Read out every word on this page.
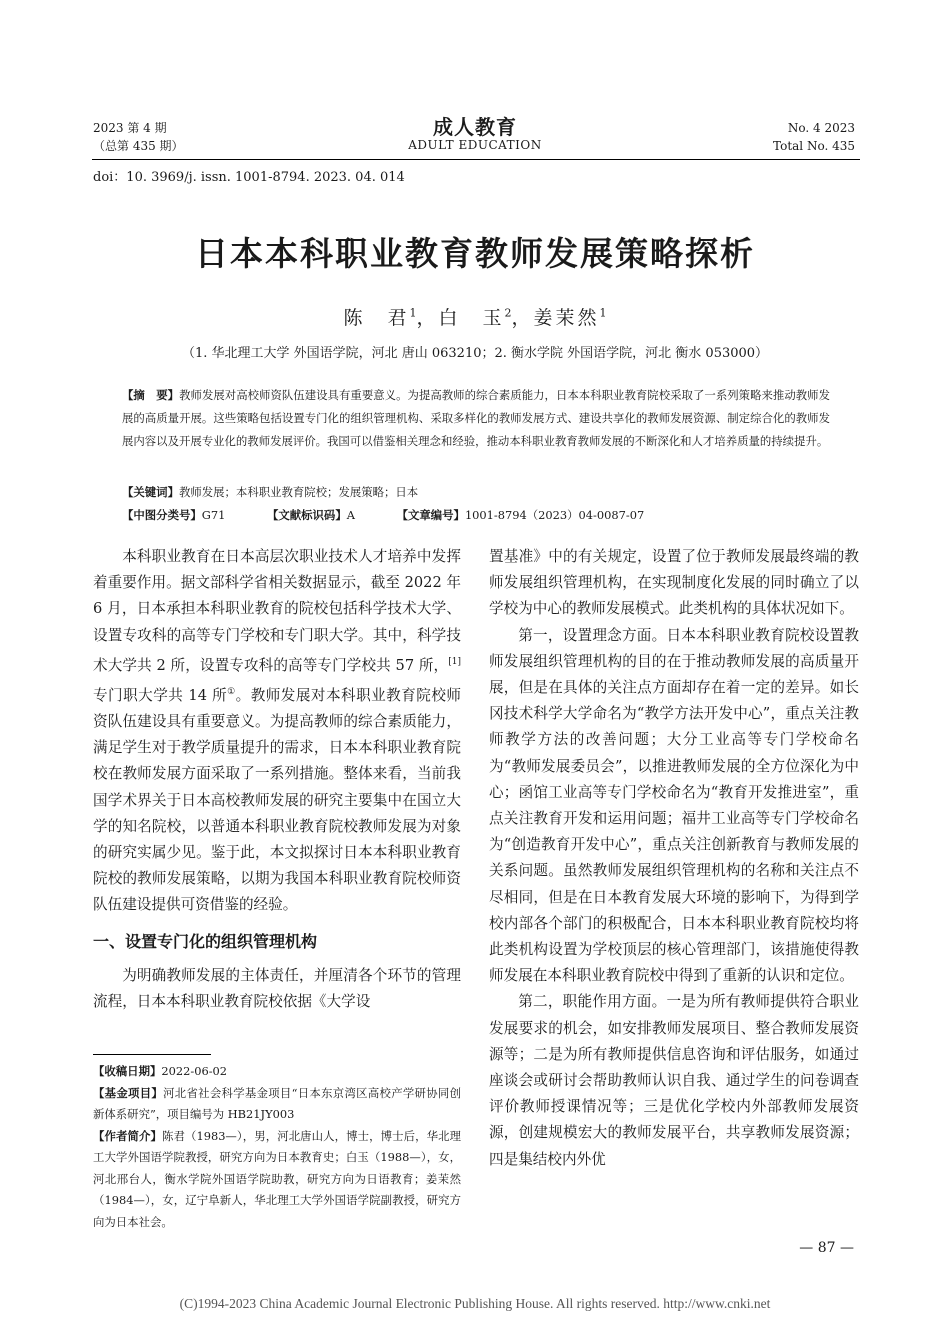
2023 第 4 期
（总第 435 期）
成人教育
ADULT EDUCATION
No. 4 2023
Total No. 435
doi：10. 3969/j. issn. 1001-8794. 2023. 04. 014
日本本科职业教育教师发展策略探析
陈　君$^1$，白　玉$^2$，姜茉然$^1$
（1. 华北理工大学 外国语学院，河北 唐山 063210；2. 衡水学院 外国语学院，河北 衡水 053000）
【摘　要】教师发展对高校师资队伍建设具有重要意义。为提高教师的综合素质能力，日本本科职业教育院校采取了一系列策略来推动教师发展的高质量开展。这些策略包括设置专门化的组织管理机构、采取多样化的教师发展方式、建设共享化的教师发展资源、制定综合化的教师发展内容以及开展专业化的教师发展评价。我国可以借鉴相关理念和经验，推动本科职业教育教师发展的不断深化和人才培养质量的持续提升。
【关键词】教师发展；本科职业教育院校；发展策略；日本
【中图分类号】G71	【文献标识码】A	【文章编号】1001-8794（2023）04-0087-07

本科职业教育在日本高层次职业技术人才培养中发挥着重要作用。据文部科学省相关数据显示，截至 2022 年 6 月，日本承担本科职业教育的院校包括科学技术大学、设置专攻科的高等专门学校和专门职大学。其中，科学技术大学共 2 所，设置专攻科的高等专门学校共 57 所，[1] 专门职大学共 14 所①。教师发展对本科职业教育院校师资队伍建设具有重要意义。为提高教师的综合素质能力，满足学生对于教学质量提升的需求，日本本科职业教育院校在教师发展方面采取了一系列措施。整体来看，当前我国学术界关于日本高校教师发展的研究主要集中在国立大学的知名院校，以普通本科职业教育院校教师发展为对象的研究实属少见。鉴于此，本文拟探讨日本本科职业教育院校的教师发展策略，以期为我国本科职业教育院校师资队伍建设提供可资借鉴的经验。

一、设置专门化的组织管理机构

为明确教师发展的主体责任，并厘清各个环节的管理流程，日本本科职业教育院校依据《大学设

【收稿日期】2022-06-02

【基金项目】河北省社会科学基金项目“日本东京湾区高校产学研协同创新体系研究”，项目编号为 HB21JY003

【作者简介】陈君（1983—），男，河北唐山人，博士，博士后，华北理工大学外国语学院教授，研究方向为日本教育史；白玉（1988—），女，河北邢台人，衡水学院外国语学院助教，研究方向为日语教育；姜茉然（1984—），女，辽宁阜新人，华北理工大学外国语学院副教授，研究方向为日本社会。

置基准》中的有关规定，设置了位于教师发展最终端的教师发展组织管理机构，在实现制度化发展的同时确立了以学校为中心的教师发展模式。此类机构的具体状况如下。

第一，设置理念方面。日本本科职业教育院校设置教师发展组织管理机构的目的在于推动教师发展的高质量开展，但是在具体的关注点方面却存在着一定的差异。如长冈技术科学大学命名为“教学方法开发中心”，重点关注教师教学方法的改善问题；大分工业高等专门学校命名为“教师发展委员会”，以推进教师发展的全方位深化为中心；函馆工业高等专门学校命名为“教育开发推进室”，重点关注教育开发和运用问题；福井工业高等专门学校命名为“创造教育开发中心”，重点关注创新教育与教师发展的关系问题。虽然教师发展组织管理机构的名称和关注点不尽相同，但是在日本教育发展大环境的影响下，为得到学校内部各个部门的积极配合，日本本科职业教育院校均将此类机构设置为学校顶层的核心管理部门，该措施使得教师发展在本科职业教育院校中得到了重新的认识和定位。

第二，职能作用方面。一是为所有教师提供符合职业发展要求的机会，如安排教师发展项目、整合教师发展资源等；二是为所有教师提供信息咨询和评估服务，如通过座谈会或研讨会帮助教师认识自我、通过学生的问卷调查评价教师授课情况等；三是优化学校内外部教师发展资源，创建规模宏大的教师发展平台，共享教师发展资源；四是集结校内外优

— 87 —
(C)1994-2023 China Academic Journal Electronic Publishing House. All rights reserved. http://www.cnki.net
